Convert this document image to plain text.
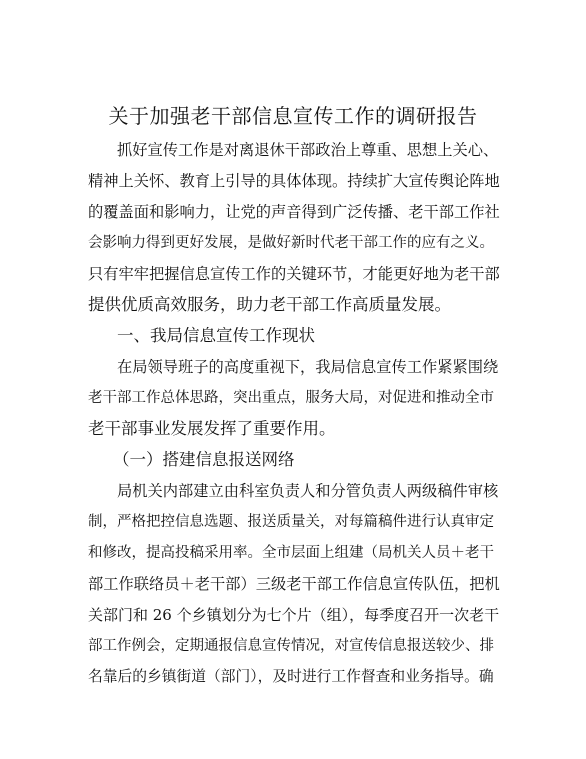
关于加强老干部信息宣传工作的调研报告

抓好宣传工作是对离退休干部政治上尊重、思想上关心、

精神上关怀、教育上引导的具体体现。持续扩大宣传舆论阵地

的覆盖面和影响力，让党的声音得到广泛传播、老干部工作社

会影响力得到更好发展，是做好新时代老干部工作的应有之义。

只有牢牢把握信息宣传工作的关键环节，才能更好地为老干部

提供优质高效服务，助力老干部工作高质量发展。

一、我局信息宣传工作现状

在局领导班子的高度重视下，我局信息宣传工作紧紧围绕

老干部工作总体思路，突出重点，服务大局，对促进和推动全市

老干部事业发展发挥了重要作用。

（一）搭建信息报送网络

局机关内部建立由科室负责人和分管负责人两级稿件审核

制，严格把控信息选题、报送质量关，对每篇稿件进行认真审定

和修改，提高投稿采用率。全市层面上组建（局机关人员＋老干

部工作联络员＋老干部）三级老干部工作信息宣传队伍，把机

关部门和 26 个乡镇划分为七个片（组），每季度召开一次老干

部工作例会，定期通报信息宣传情况，对宣传信息报送较少、排

名靠后的乡镇街道（部门），及时进行工作督查和业务指导。确
